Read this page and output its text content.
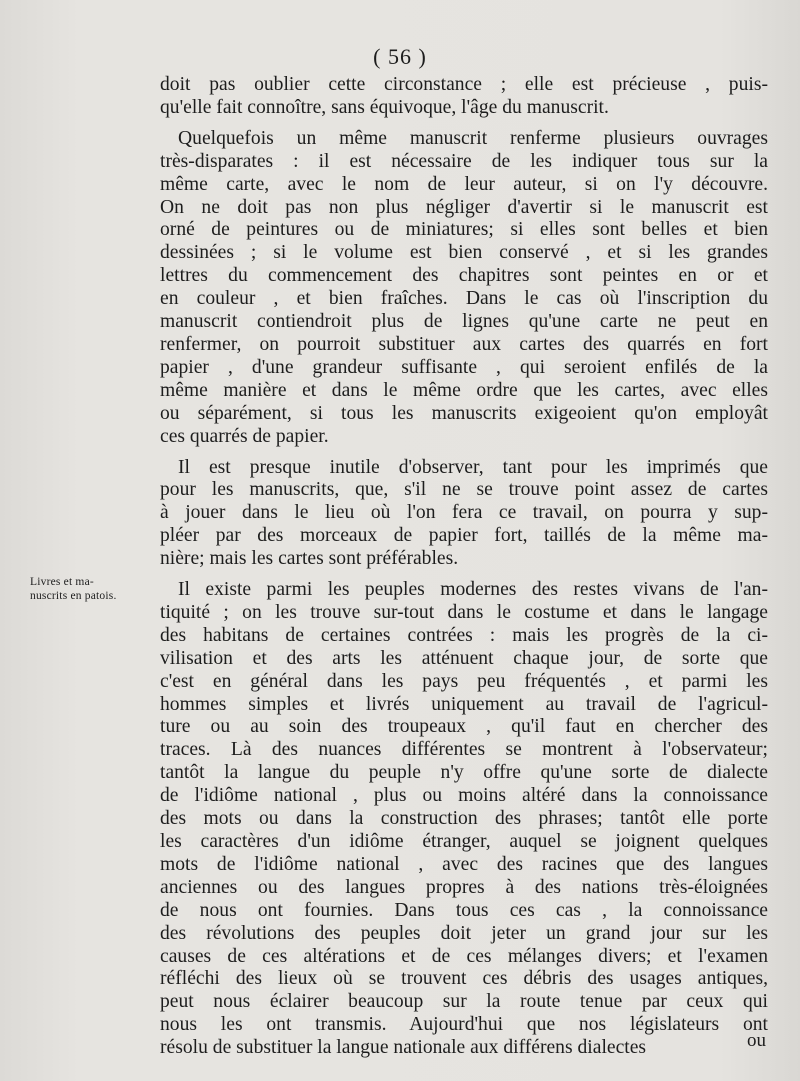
( 56 )
Livres et ma-
nuscrits en patois.
doit pas oublier cette circonstance ; elle est précieuse , puis-
qu'elle fait connoître, sans équivoque, l'âge du manuscrit.
Quelquefois un même manuscrit renferme plusieurs ouvrages
très-disparates : il est nécessaire de les indiquer tous sur la
même carte, avec le nom de leur auteur, si on l'y découvre.
On ne doit pas non plus négliger d'avertir si le manuscrit est
orné de peintures ou de miniatures; si elles sont belles et bien
dessinées ; si le volume est bien conservé , et si les grandes
lettres du commencement des chapitres sont peintes en or et
en couleur , et bien fraîches. Dans le cas où l'inscription du
manuscrit contiendroit plus de lignes qu'une carte ne peut en
renfermer, on pourroit substituer aux cartes des quarrés en fort
papier , d'une grandeur suffisante , qui seroient enfilés de la
même manière et dans le même ordre que les cartes, avec elles
ou séparément, si tous les manuscrits exigeoient qu'on employât
ces quarrés de papier.
Il est presque inutile d'observer, tant pour les imprimés que
pour les manuscrits, que, s'il ne se trouve point assez de cartes
à jouer dans le lieu où l'on fera ce travail, on pourra y sup-
pléer par des morceaux de papier fort, taillés de la même ma-
nière; mais les cartes sont préférables.
Il existe parmi les peuples modernes des restes vivans de l'an-
tiquité ; on les trouve sur-tout dans le costume et dans le langage
des habitans de certaines contrées : mais les progrès de la ci-
vilisation et des arts les atténuent chaque jour, de sorte que
c'est en général dans les pays peu fréquentés , et parmi les
hommes simples et livrés uniquement au travail de l'agricul-
ture ou au soin des troupeaux , qu'il faut en chercher des
traces. Là des nuances différentes se montrent à l'observateur;
tantôt la langue du peuple n'y offre qu'une sorte de dialecte
de l'idiôme national , plus ou moins altéré dans la connoissance
des mots ou dans la construction des phrases; tantôt elle porte
les caractères d'un idiôme étranger, auquel se joignent quelques
mots de l'idiôme national , avec des racines que des langues
anciennes ou des langues propres à des nations très-éloignées
de nous ont fournies. Dans tous ces cas , la connoissance
des révolutions des peuples doit jeter un grand jour sur les
causes de ces altérations et de ces mélanges divers; et l'examen
réfléchi des lieux où se trouvent ces débris des usages antiques,
peut nous éclairer beaucoup sur la route tenue par ceux qui
nous les ont transmis. Aujourd'hui que nos législateurs ont
résolu de substituer la langue nationale aux différens dialectes	ou
